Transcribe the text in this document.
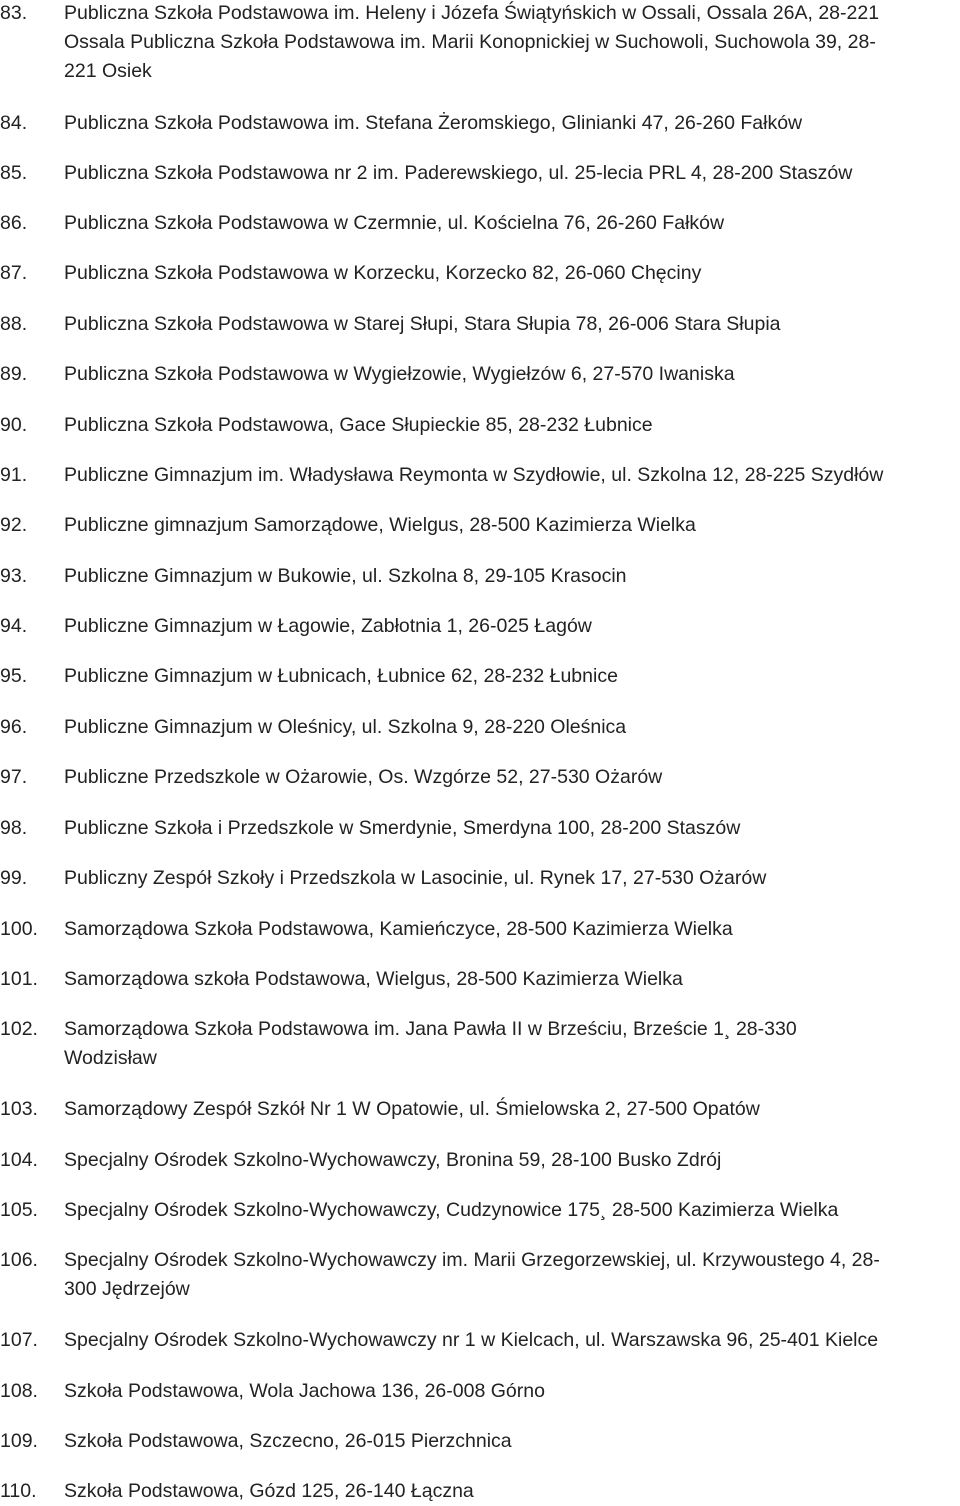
83.	Publiczna Szkoła Podstawowa im. Heleny i Józefa Świątyńskich w Ossali, Ossala 26A, 28-221
Ossala Publiczna Szkoła Podstawowa im. Marii Konopnickiej w Suchowoli, Suchowola 39, 28-
221 Osiek
84.	Publiczna Szkoła Podstawowa im. Stefana Żeromskiego, Glinianki 47, 26-260 Fałków
85.	Publiczna Szkoła Podstawowa nr 2 im. Paderewskiego, ul. 25-lecia PRL 4, 28-200 Staszów
86.	Publiczna Szkoła Podstawowa w Czermnie, ul. Kościelna 76, 26-260 Fałków
87.	Publiczna Szkoła Podstawowa w Korzecku, Korzecko 82, 26-060 Chęciny
88.	Publiczna Szkoła Podstawowa w Starej Słupi, Stara Słupia 78, 26-006 Stara Słupia
89.	Publiczna Szkoła Podstawowa w Wygiełzowie, Wygiełzów 6, 27-570 Iwaniska
90.	Publiczna Szkoła Podstawowa, Gace Słupieckie 85, 28-232 Łubnice
91.	Publiczne Gimnazjum im. Władysława Reymonta w Szydłowie, ul. Szkolna 12, 28-225 Szydłów
92.	Publiczne gimnazjum Samorządowe, Wielgus, 28-500 Kazimierza Wielka
93.	Publiczne Gimnazjum w Bukowie, ul. Szkolna 8, 29-105 Krasocin
94.	Publiczne Gimnazjum w Łagowie, Zabłotnia 1, 26-025 Łagów
95.	Publiczne Gimnazjum w Łubnicach, Łubnice 62, 28-232 Łubnice
96.	Publiczne Gimnazjum w Oleśnicy, ul. Szkolna 9, 28-220 Oleśnica
97.	Publiczne Przedszkole w Ożarowie, Os. Wzgórze 52, 27-530 Ożarów
98.	Publiczne Szkoła i Przedszkole w Smerdynie, Smerdyna 100, 28-200 Staszów
99.	Publiczny Zespół Szkoły i Przedszkola w Lasocinie, ul. Rynek 17, 27-530 Ożarów
100.	Samorządowa Szkoła Podstawowa, Kamieńczyce, 28-500 Kazimierza Wielka
101.	Samorządowa szkoła Podstawowa, Wielgus, 28-500 Kazimierza Wielka
102.	Samorządowa Szkoła Podstawowa im. Jana Pawła II w Brześciu, Brzeście 1¸ 28-330
Wodzisław
103.	Samorządowy Zespół Szkół Nr 1 W Opatowie, ul. Śmielowska 2, 27-500 Opatów
104.	Specjalny Ośrodek Szkolno-Wychowawczy, Bronina 59, 28-100 Busko Zdrój
105.	Specjalny Ośrodek Szkolno-Wychowawczy, Cudzynowice 175¸ 28-500 Kazimierza Wielka
106.	Specjalny Ośrodek Szkolno-Wychowawczy im. Marii Grzegorzewskiej, ul. Krzywoustego 4, 28-
300 Jędrzejów
107.	Specjalny Ośrodek Szkolno-Wychowawczy nr 1 w Kielcach, ul. Warszawska 96, 25-401 Kielce
108.	Szkoła Podstawowa, Wola Jachowa 136, 26-008 Górno
109.	Szkoła Podstawowa, Szczecno, 26-015 Pierzchnica
110.	Szkoła Podstawowa, Gózd 125, 26-140 Łączna
